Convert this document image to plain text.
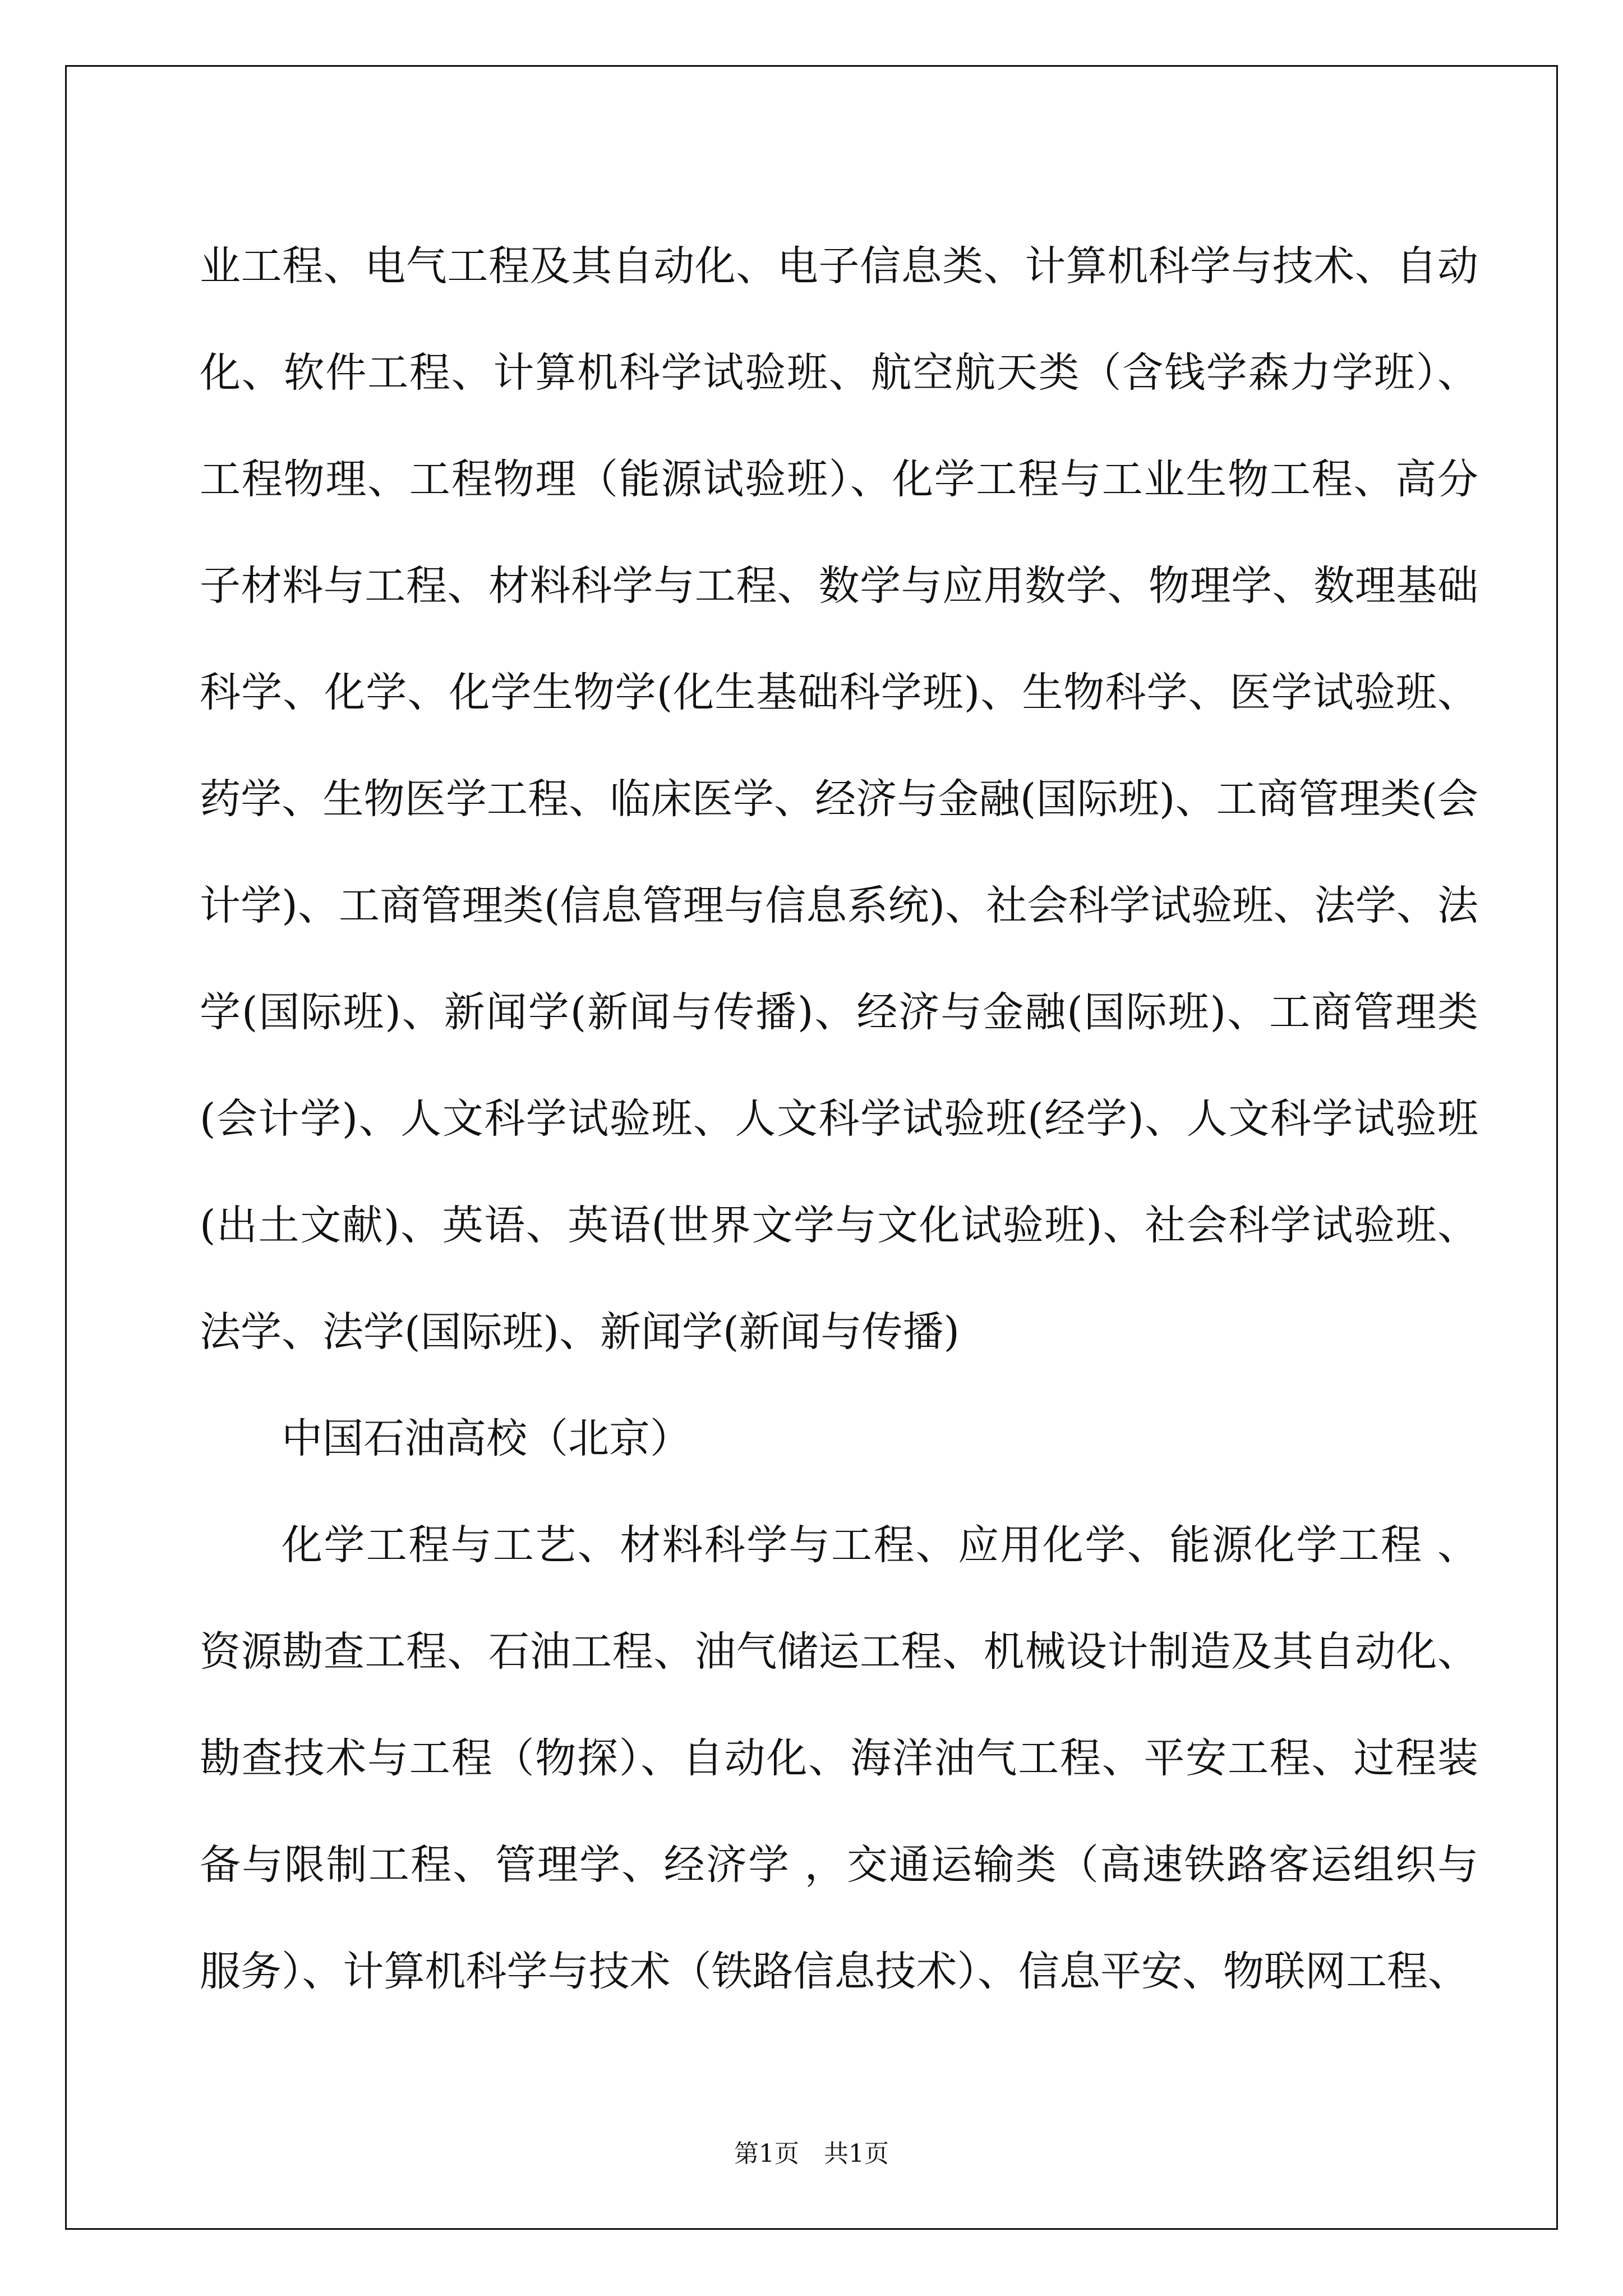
业工程、电气工程及其自动化、电子信息类、计算机科学与技术、自动化、软件工程、计算机科学试验班、航空航天类（含钱学森力学班）、工程物理、工程物理（能源试验班）、化学工程与工业生物工程、高分子材料与工程、材料科学与工程、数学与应用数学、物理学、数理基础科学、化学、化学生物学(化生基础科学班)、生物科学、医学试验班、药学、生物医学工程、临床医学、经济与金融(国际班)、工商管理类(会计学)、工商管理类(信息管理与信息系统)、社会科学试验班、法学、法学(国际班)、新闻学(新闻与传播)、经济与金融(国际班)、工商管理类(会计学)、人文科学试验班、人文科学试验班(经学)、人文科学试验班(出土文献)、英语、英语(世界文学与文化试验班)、社会科学试验班、法学、法学(国际班)、新闻学(新闻与传播)

中国石油高校（北京）

化学工程与工艺、材料科学与工程、应用化学、能源化学工程 、资源勘查工程、石油工程、油气储运工程、机械设计制造及其自动化、勘查技术与工程（物探）、自动化、海洋油气工程、平安工程、过程装备与限制工程、管理学、经济学 ，交通运输类（高速铁路客运组织与服务）、计算机科学与技术（铁路信息技术）、信息平安、物联网工程、

第1页　共1页
